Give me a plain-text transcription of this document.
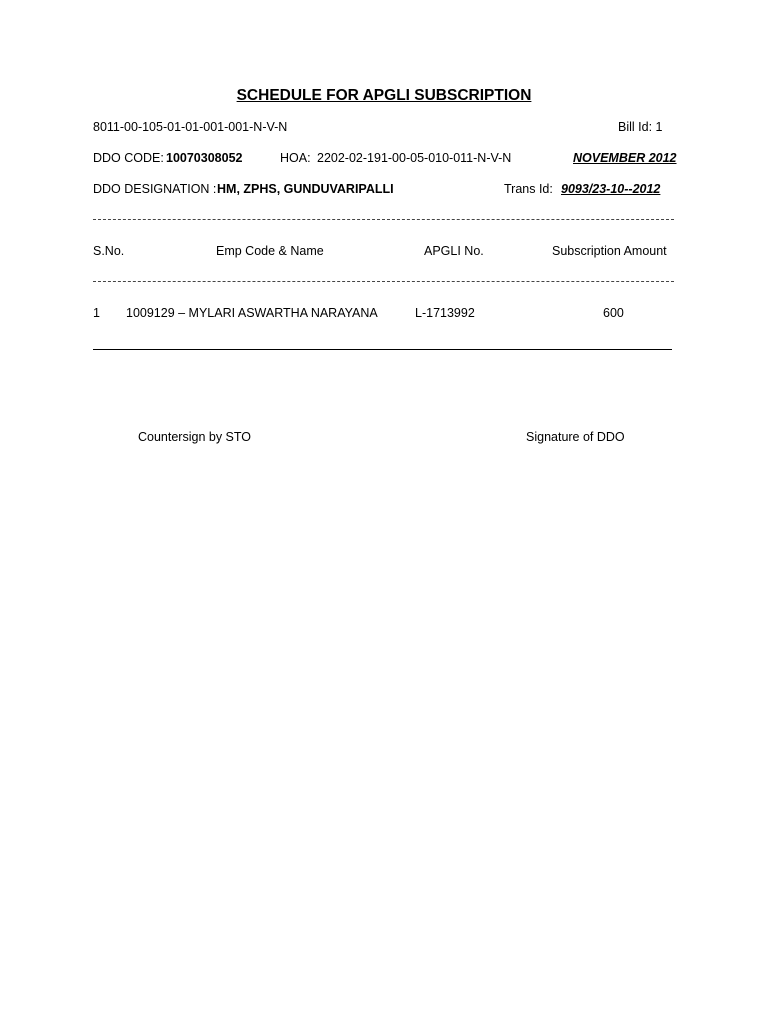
SCHEDULE FOR APGLI SUBSCRIPTION
8011-00-105-01-01-001-001-N-V-N	Bill Id: 1
DDO CODE: 10070308052	HOA: 2202-02-191-00-05-010-011-N-V-N	NOVEMBER 2012
DDO DESIGNATION : HM, ZPHS, GUNDUVARIPALLI	Trans Id: 9093/23-10--2012
S.No.	Emp Code & Name	APGLI No.	Subscription Amount
1 1009129 – MYLARI ASWARTHA NARAYANA	L-1713992	600
Countersign by STO	Signature of DDO
